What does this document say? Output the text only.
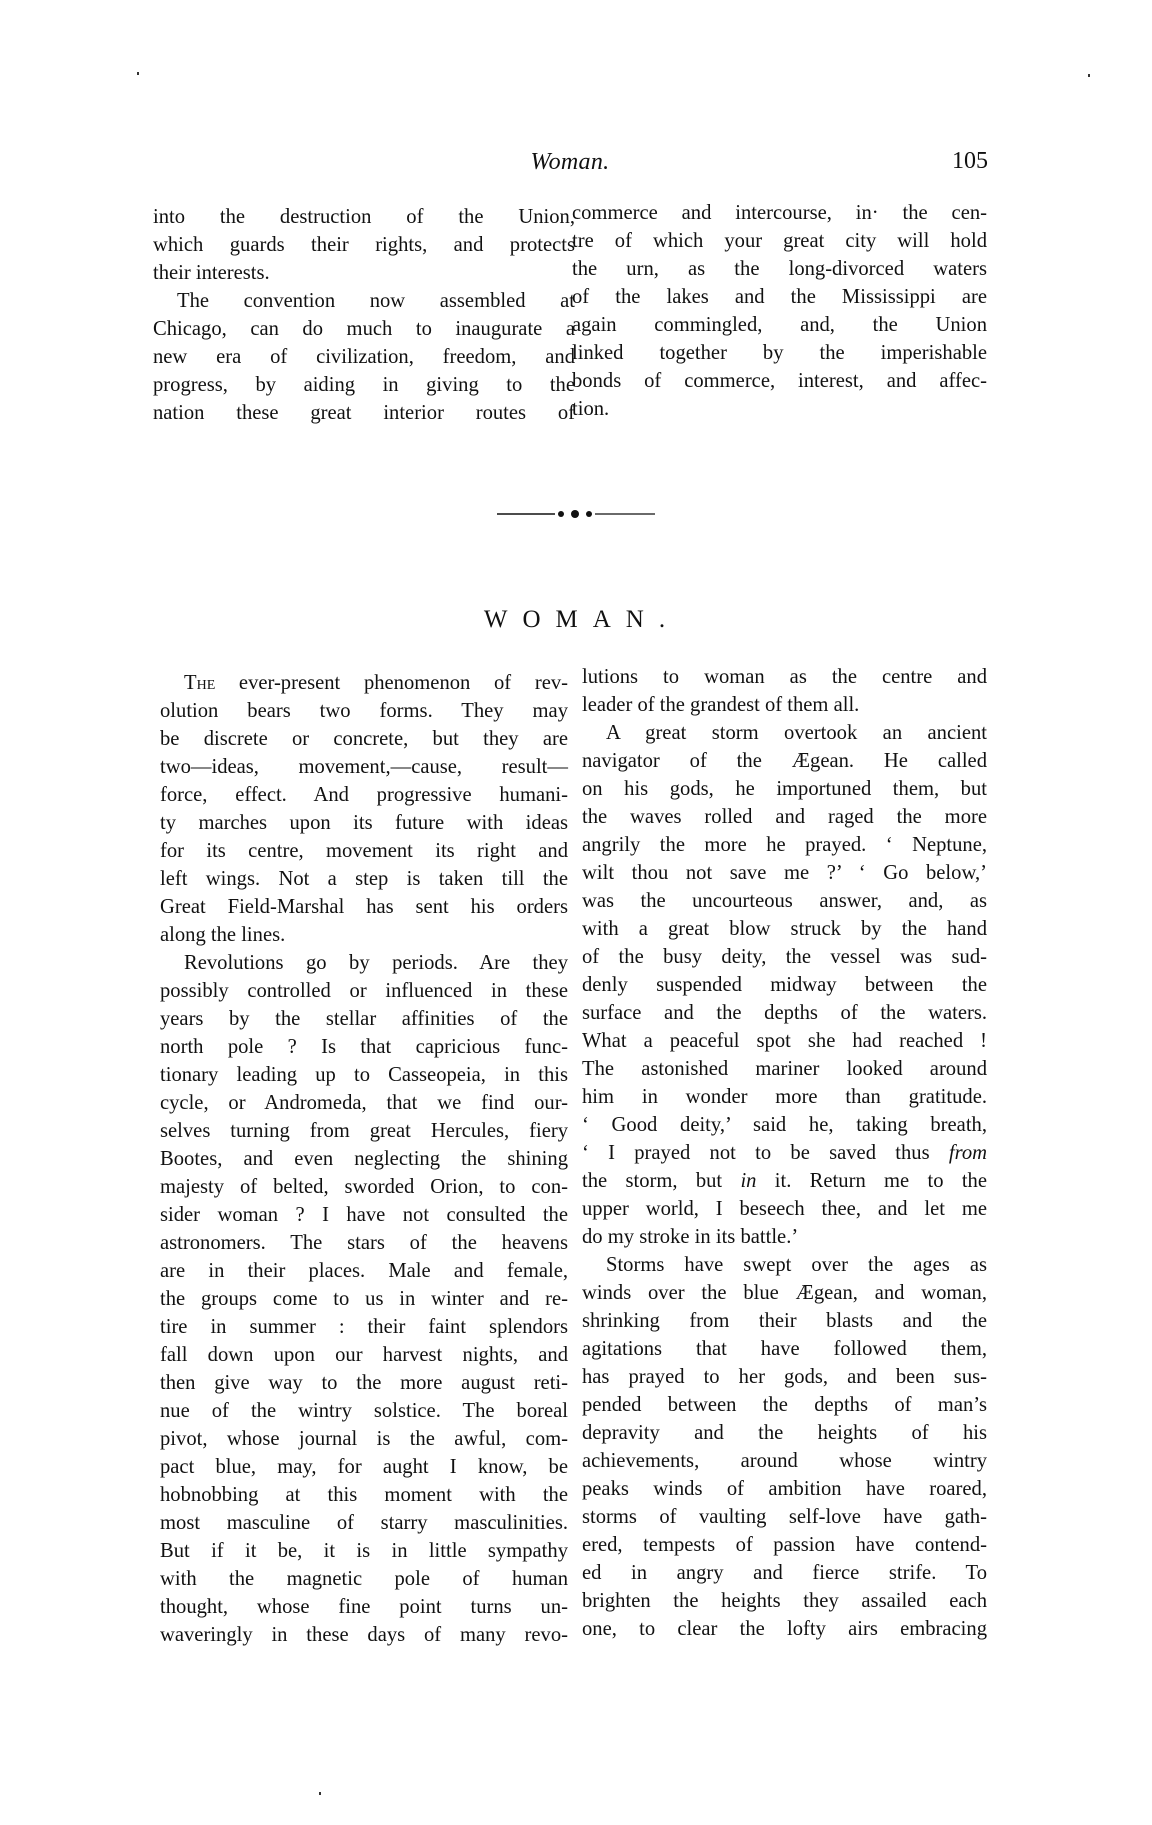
Woman.	105
into the destruction of the Union,
which guards their rights, and protects
their interests.
The convention now assembled at
Chicago, can do much to inaugurate a
new era of civilization, freedom, and
progress, by aiding in giving to the
nation these great interior routes of
commerce and intercourse, in· the cen-
tre of which your great city will hold
the urn, as the long-divorced waters
of the lakes and the Mississippi are
again commingled, and, the Union
linked together by the imperishable
bonds of commerce, interest, and affec-
tion.
WOMAN.
The ever-present phenomenon of rev-
olution bears two forms. They may
be discrete or concrete, but they are
two—ideas, movement,—cause, result—
force, effect. And progressive humani-
ty marches upon its future with ideas
for its centre, movement its right and
left wings. Not a step is taken till the
Great Field-Marshal has sent his orders
along the lines.
Revolutions go by periods. Are they
possibly controlled or influenced in these
years by the stellar affinities of the
north pole ? Is that capricious func-
tionary leading up to Casseopeia, in this
cycle, or Andromeda, that we find our-
selves turning from great Hercules, fiery
Bootes, and even neglecting the shining
majesty of belted, sworded Orion, to con-
sider woman ? I have not consulted the
astronomers. The stars of the heavens
are in their places. Male and female,
the groups come to us in winter and re-
tire in summer : their faint splendors
fall down upon our harvest nights, and
then give way to the more august reti-
nue of the wintry solstice. The boreal
pivot, whose journal is the awful, com-
pact blue, may, for aught I know, be
hobnobbing at this moment with the
most masculine of starry masculinities.
But if it be, it is in little sympathy
with the magnetic pole of human
thought, whose fine point turns un-
waveringly in these days of many revo-
lutions to woman as the centre and
leader of the grandest of them all.
A great storm overtook an ancient
navigator of the Ægean. He called
on his gods, he importuned them, but
the waves rolled and raged the more
angrily the more he prayed. ‘ Neptune,
wilt thou not save me ?’ ‘ Go below,’
was the uncourteous answer, and, as
with a great blow struck by the hand
of the busy deity, the vessel was sud-
denly suspended midway between the
surface and the depths of the waters.
What a peaceful spot she had reached !
The astonished mariner looked around
him in wonder more than gratitude.
‘ Good deity,’ said he, taking breath,
‘ I prayed not to be saved thus from
the storm, but in it. Return me to the
upper world, I beseech thee, and let me
do my stroke in its battle.’
Storms have swept over the ages as
winds over the blue Ægean, and woman,
shrinking from their blasts and the
agitations that have followed them,
has prayed to her gods, and been sus-
pended between the depths of man’s
depravity and the heights of his
achievements, around whose wintry
peaks winds of ambition have roared,
storms of vaulting self-love have gath-
ered, tempests of passion have contend-
ed in angry and fierce strife. To
brighten the heights they assailed each
one, to clear the lofty airs embracing
